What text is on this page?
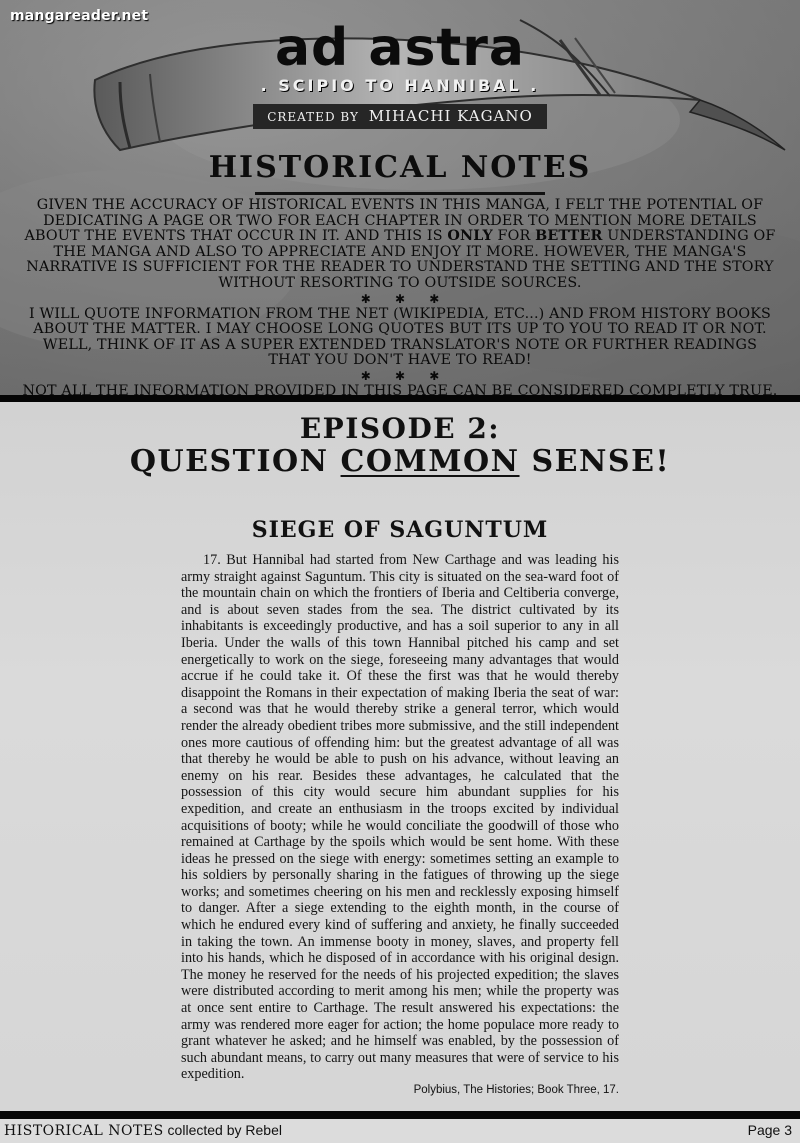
mangareader.net
ad astra
. SCIPIO TO HANNIBAL .
CREATED BY MIHACHI KAGANO
HISTORICAL NOTES

GIVEN THE ACCURACY OF HISTORICAL EVENTS IN THIS MANGA, I FELT THE POTENTIAL OF DEDICATING A PAGE OR TWO FOR EACH CHAPTER IN ORDER TO MENTION MORE DETAILS ABOUT THE EVENTS THAT OCCUR IN IT. AND THIS IS ONLY FOR BETTER UNDERSTANDING OF THE MANGA AND ALSO TO APPRECIATE AND ENJOY IT MORE. HOWEVER, THE MANGA'S NARRATIVE IS SUFFICIENT FOR THE READER TO UNDERSTAND THE SETTING AND THE STORY WITHOUT RESORTING TO OUTSIDE SOURCES.

✱ ✱ ✱

I WILL QUOTE INFORMATION FROM THE NET (WIKIPEDIA, ETC...) AND FROM HISTORY BOOKS ABOUT THE MATTER. I MAY CHOOSE LONG QUOTES BUT ITS UP TO YOU TO READ IT OR NOT. WELL, THINK OF IT AS A SUPER EXTENDED TRANSLATOR'S NOTE OR FURTHER READINGS THAT YOU DON'T HAVE TO READ!

✱ ✱ ✱

NOT ALL THE INFORMATION PROVIDED IN THIS PAGE CAN BE CONSIDERED COMPLETLY TRUE.

EPISODE 2:
QUESTION COMMON SENSE!
SIEGE OF SAGUNTUM

17. But Hannibal had started from New Carthage and was leading his army straight against Saguntum. This city is situated on the sea-ward foot of the mountain chain on which the frontiers of Iberia and Celtiberia converge, and is about seven stades from the sea. The district cultivated by its inhabitants is exceedingly productive, and has a soil superior to any in all Iberia. Under the walls of this town Hannibal pitched his camp and set energetically to work on the siege, foreseeing many advantages that would accrue if he could take it. Of these the first was that he would thereby disappoint the Romans in their expectation of making Iberia the seat of war: a second was that he would thereby strike a general terror, which would render the already obedient tribes more submissive, and the still independent ones more cautious of offending him: but the greatest advantage of all was that thereby he would be able to push on his advance, without leaving an enemy on his rear. Besides these advantages, he calculated that the possession of this city would secure him abundant supplies for his expedition, and create an enthusiasm in the troops excited by individual acquisitions of booty; while he would conciliate the goodwill of those who remained at Carthage by the spoils which would be sent home. With these ideas he pressed on the siege with energy: sometimes setting an example to his soldiers by personally sharing in the fatigues of throwing up the siege works; and sometimes cheering on his men and recklessly exposing himself to danger. After a siege extending to the eighth month, in the course of which he endured every kind of suffering and anxiety, he finally succeeded in taking the town. An immense booty in money, slaves, and property fell into his hands, which he disposed of in accordance with his original design. The money he reserved for the needs of his projected expedition; the slaves were distributed according to merit among his men; while the property was at once sent entire to Carthage. The result answered his expectations: the army was rendered more eager for action; the home populace more ready to grant whatever he asked; and he himself was enabled, by the possession of such abundant means, to carry out many measures that were of service to his expedition.

Polybius, The Histories; Book Three, 17.
HISTORICAL NOTES collected by Rebel	Page 3
